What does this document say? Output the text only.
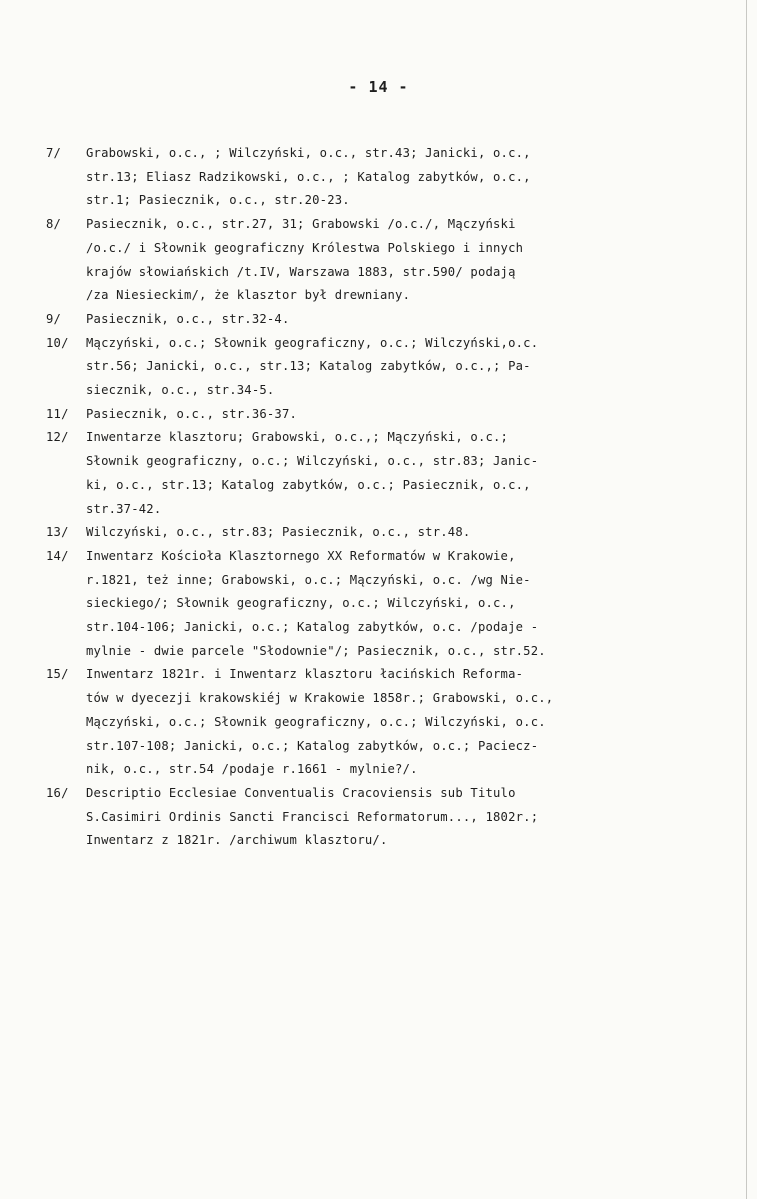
- 14 -
7/	Grabowski, o.c., ; Wilczyński, o.c., str.43; Janicki, o.c.,
str.13; Eliasz Radzikowski, o.c., ; Katalog zabytków, o.c.,
str.1; Pasiecznik, o.c., str.20-23.
8/	Pasiecznik, o.c., str.27, 31; Grabowski /o.c./, Mączyński
/o.c./ i Słownik geograficzny Królestwa Polskiego i innych
krajów słowiańskich /t.IV, Warszawa 1883, str.590/ podają
/za Niesieckim/, że klasztor był drewniany.
9/	Pasiecznik, o.c., str.32-4.
10/	Mączyński, o.c.; Słownik geograficzny, o.c.; Wilczyński,o.c.
str.56; Janicki, o.c., str.13; Katalog zabytków, o.c.,; Pa-
siecznik, o.c., str.34-5.
11/	Pasiecznik, o.c., str.36-37.
12/	Inwentarze klasztoru; Grabowski, o.c.,; Mączyński, o.c.;
Słownik geograficzny, o.c.; Wilczyński, o.c., str.83; Janic-
ki, o.c., str.13; Katalog zabytków, o.c.; Pasiecznik, o.c.,
str.37-42.
13/	Wilczyński, o.c., str.83; Pasiecznik, o.c., str.48.
14/	Inwentarz Kościoła Klasztornego XX Reformatów w Krakowie,
r.1821, też inne; Grabowski, o.c.; Mączyński, o.c. /wg Nie-
sieckiego/; Słownik geograficzny, o.c.; Wilczyński, o.c.,
str.104-106; Janicki, o.c.; Katalog zabytków, o.c. /podaje -
mylnie - dwie parcele "Słodownie"/; Pasiecznik, o.c., str.52.
15/	Inwentarz 1821r. i Inwentarz klasztoru łacińskich Reforma-
tów w dyecezji krakowskiéj w Krakowie 1858r.; Grabowski, o.c.,
Mączyński, o.c.; Słownik geograficzny, o.c.; Wilczyński, o.c.
str.107-108; Janicki, o.c.; Katalog zabytków, o.c.; Paciecz-
nik, o.c., str.54 /podaje r.1661 - mylnie?/.
16/	Descriptio Ecclesiae Conventualis Cracoviensis sub Titulo
S.Casimiri Ordinis Sancti Francisci Reformatorum..., 1802r.;
Inwentarz z 1821r. /archiwum klasztoru/.
